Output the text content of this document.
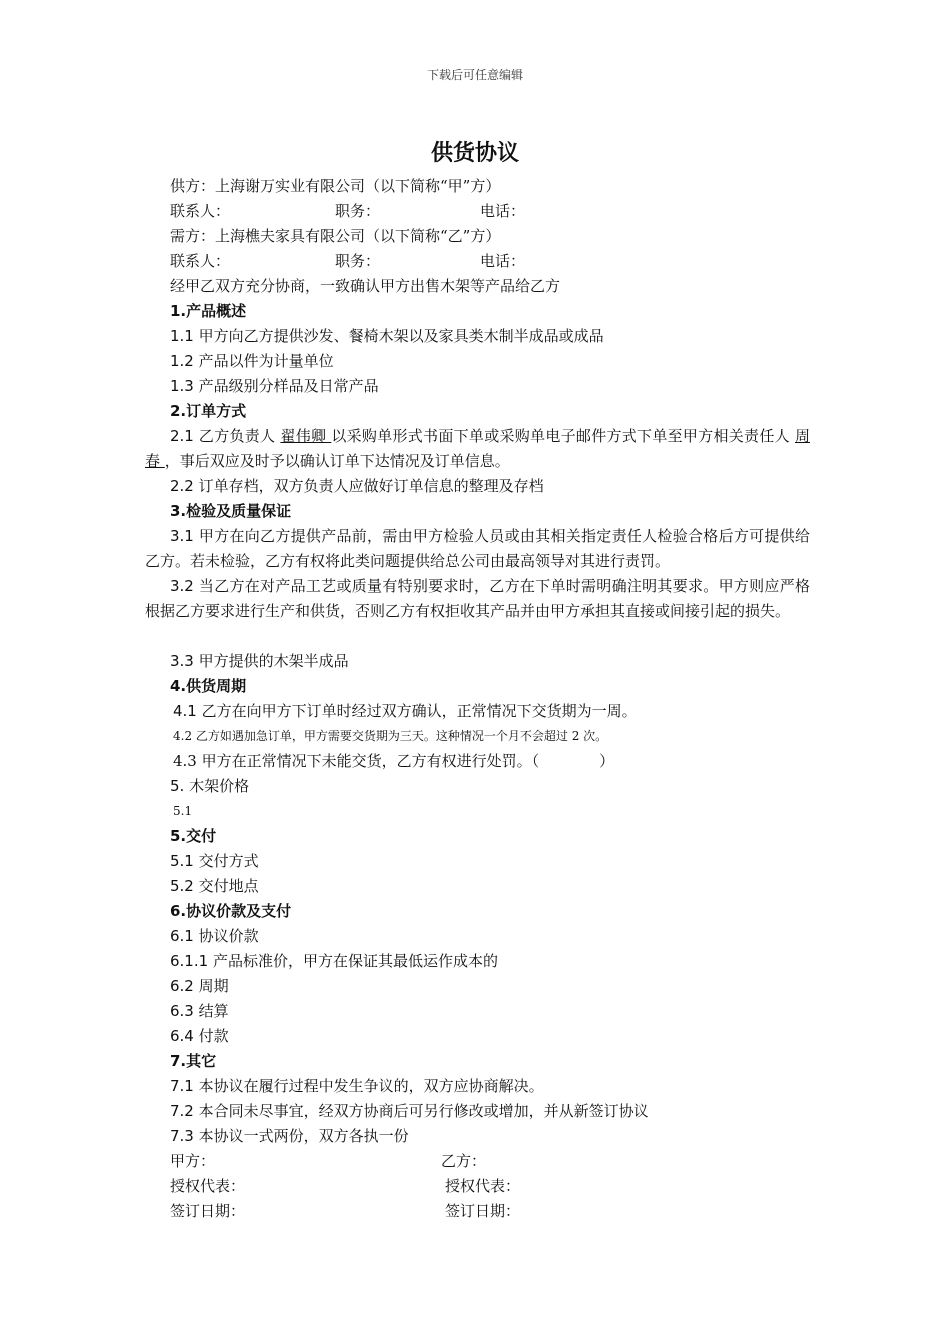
下载后可任意编辑
供货协议
供方：上海谢万实业有限公司（以下简称“甲”方）
联系人：	职务：	电话：
需方：上海樵夫家具有限公司（以下简称“乙”方）
联系人：	职务：	电话：
经甲乙双方充分协商，一致确认甲方出售木架等产品给乙方
1.产品概述
1.1 甲方向乙方提供沙发、餐椅木架以及家具类木制半成品或成品
1.2 产品以件为计量单位
1.3 产品级别分样品及日常产品
2.订单方式
2.1 乙方负责人 翟伟卿 以采购单形式书面下单或采购单电子邮件方式下单至甲方相关责任人 周春 ，事后双应及时予以确认订单下达情况及订单信息。
2.2 订单存档，双方负责人应做好订单信息的整理及存档
3.检验及质量保证
3.1 甲方在向乙方提供产品前，需由甲方检验人员或由其相关指定责任人检验合格后方可提供给乙方。若未检验，乙方有权将此类问题提供给总公司由最高领导对其进行责罚。
3.2 当乙方在对产品工艺或质量有特别要求时，乙方在下单时需明确注明其要求。甲方则应严格根据乙方要求进行生产和供货，否则乙方有权拒收其产品并由甲方承担其直接或间接引起的损失。
3.3 甲方提供的木架半成品
4.供货周期
4.1 乙方在向甲方下订单时经过双方确认，正常情况下交货期为一周。
4.2 乙方如遇加急订单，甲方需要交货期为三天。这种情况一个月不会超过 2 次。
4.3 甲方在正常情况下未能交货，乙方有权进行处罚。（　　　　）
5. 木架价格
5.1
5.交付
5.1 交付方式
5.2 交付地点
6.协议价款及支付
6.1 协议价款
6.1.1 产品标准价，甲方在保证其最低运作成本的
6.2 周期
6.3 结算
6.4 付款
7.其它
7.1 本协议在履行过程中发生争议的，双方应协商解决。
7.2 本合同未尽事宜，经双方协商后可另行修改或增加，并从新签订协议
7.3 本协议一式两份，双方各执一份
甲方：	乙方：
授权代表：	授权代表：
签订日期：	签订日期：
